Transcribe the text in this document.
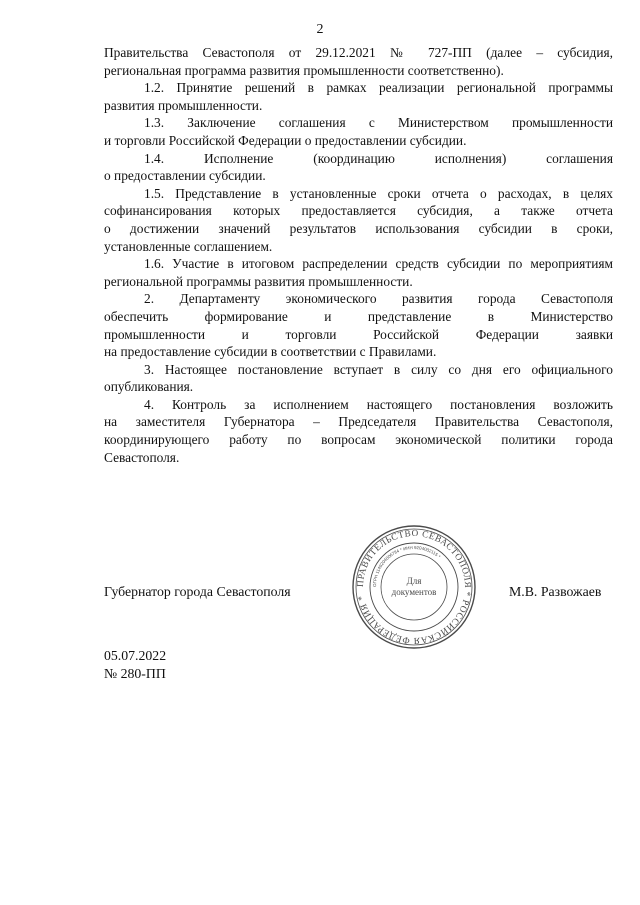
2

Правительства Севастополя от 29.12.2021 № 727-ПП (далее – субсидия,

региональная программа развития промышленности соответственно).

1.2. Принятие решений в рамках реализации региональной программы

развития промышленности.

1.3. Заключение соглашения с Министерством промышленности

и торговли Российской Федерации о предоставлении субсидии.

1.4. Исполнение (координацию исполнения) соглашения

о предоставлении субсидии.

1.5. Представление в установленные сроки отчета о расходах, в целях

софинансирования которых предоставляется субсидия, а также отчета

о достижении значений результатов использования субсидии в сроки,

установленные соглашением.

1.6. Участие в итоговом распределении средств субсидии по мероприятиям

региональной программы развития промышленности.

2. Департаменту экономического развития города Севастополя

обеспечить формирование и представление в Министерство

промышленности и торговли Российской Федерации заявки

на предоставление субсидии в соответствии с Правилами.

3. Настоящее постановление вступает в силу со дня его официального

опубликования.

4. Контроль за исполнением настоящего постановления возложить

на заместителя Губернатора – Председателя Правительства Севастополя,

координирующего работу по вопросам экономической политики города

Севастополя.

Губернатор города Севастополя
ПРАВИТЕЛЬСТВО СЕВАСТОПОЛЯ * РОССИЙСКАЯ ФЕДЕРАЦИЯ *
ОГРН 1149204006784 * ИНН 9204002115 *
Для
документов	М.В. Развожаев
05.07.2022
№ 280-ПП
